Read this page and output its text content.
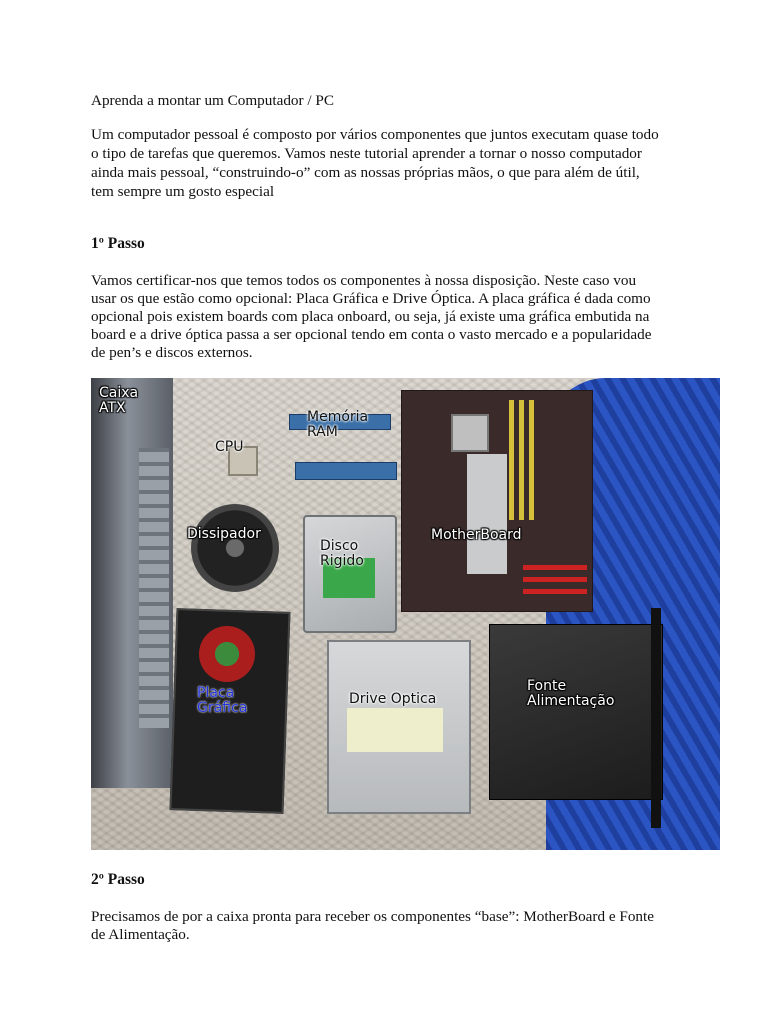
Aprenda a montar um Computador / PC

Um computador pessoal é composto por vários componentes que juntos executam quase todo

o tipo de tarefas que queremos. Vamos neste tutorial aprender a tornar o nosso computador

ainda mais pessoal, “construindo-o” com as nossas próprias mãos, o que para além de útil,

tem sempre um gosto especial

1º Passo

Vamos certificar-nos que temos todos os componentes à nossa disposição. Neste caso vou

usar os que estão como opcional: Placa Gráfica e Drive Óptica. A placa gráfica é dada como

opcional pois existem boards com placa onboard, ou seja, já existe uma gráfica embutida na

board e a drive óptica passa a ser opcional tendo em conta o vasto mercado e a popularidade

de pen’s e discos externos.

Caixa
ATX
CPU
Memória
RAM
Dissipador
Disco
Rigido
MotherBoard
Placa
Gráfica
Drive Optica
Fonte
Alimentação

2º Passo

Precisamos de por a caixa pronta para receber os componentes “base”: MotherBoard e Fonte

de Alimentação.
